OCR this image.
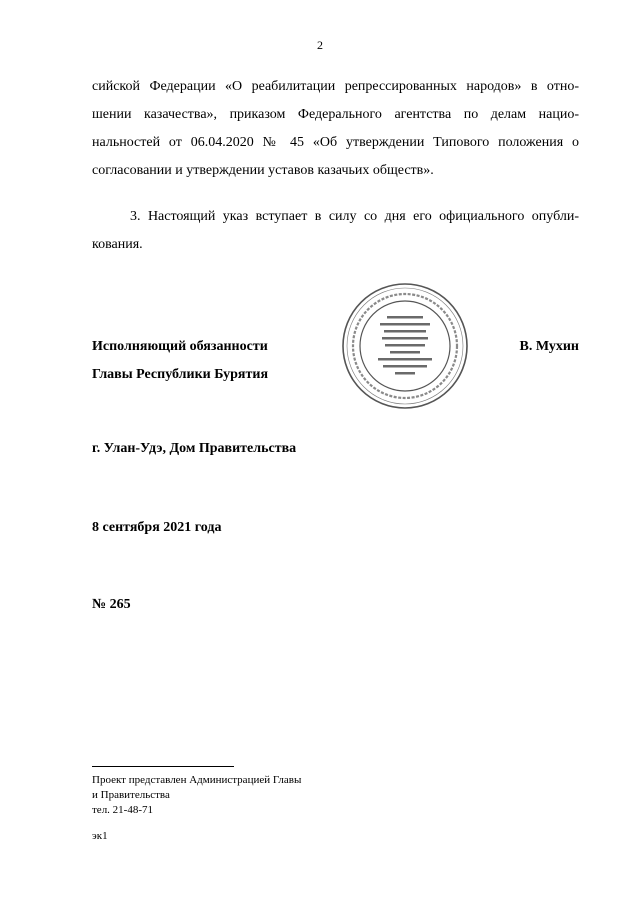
2
сийской Федерации «О реабилитации репрессированных народов» в отно-
шении казачества», приказом Федерального агентства по делам нацио-
нальностей от 06.04.2020 № 45 «Об утверждении Типового положения о
согласовании и утверждении уставов казачьих обществ».
3. Настоящий указ вступает в силу со дня его официального опубли-
кования.
Исполняющий обязанности
Главы Республики Бурятия
В. Мухин
г. Улан-Удэ, Дом Правительства
8 сентября 2021 года
№ 265
Проект представлен Администрацией Главы
и Правительства
тел. 21-48-71
эк1
